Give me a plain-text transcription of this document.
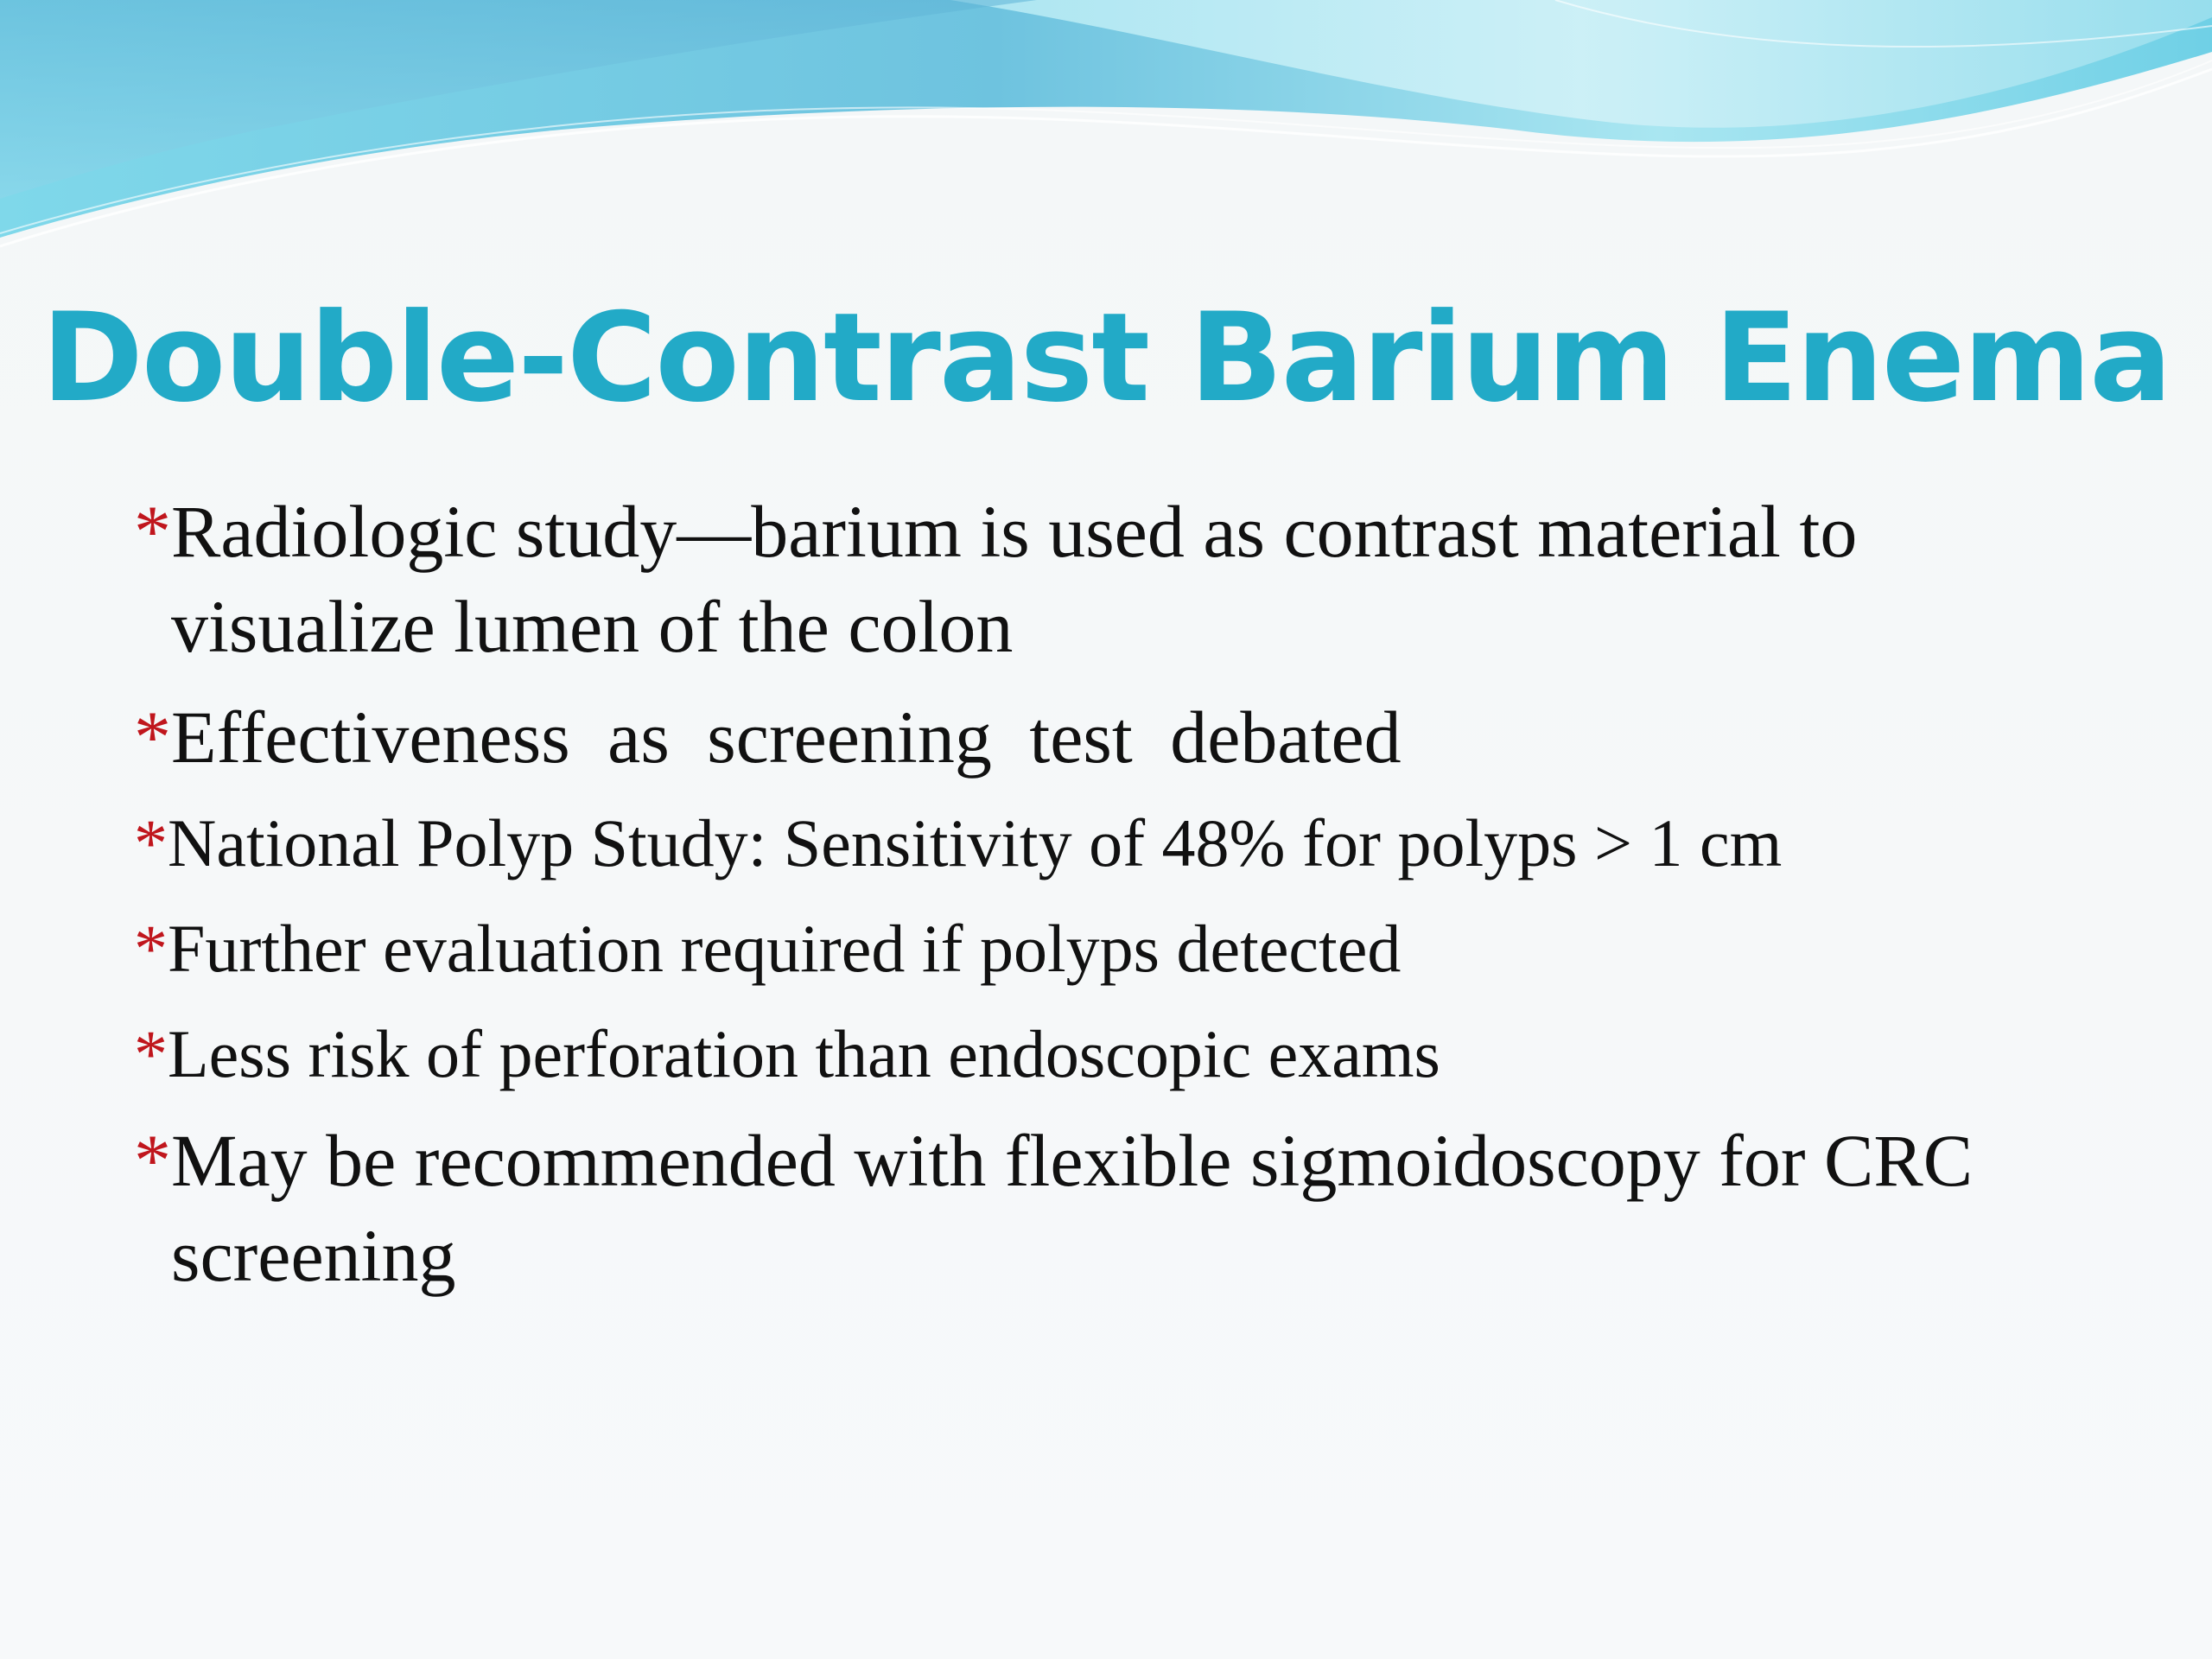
Double-Contrast Barium Enema
* Radiologic study—barium is used as contrast material to visualize lumen of the colon
* Effectiveness as screening test debated
* National Polyp Study: Sensitivity of 48% for polyps > 1 cm
* Further evaluation required if polyps detected
* Less risk of perforation than endoscopic exams
* May be recommended with flexible sigmoidoscopy for CRC screening
